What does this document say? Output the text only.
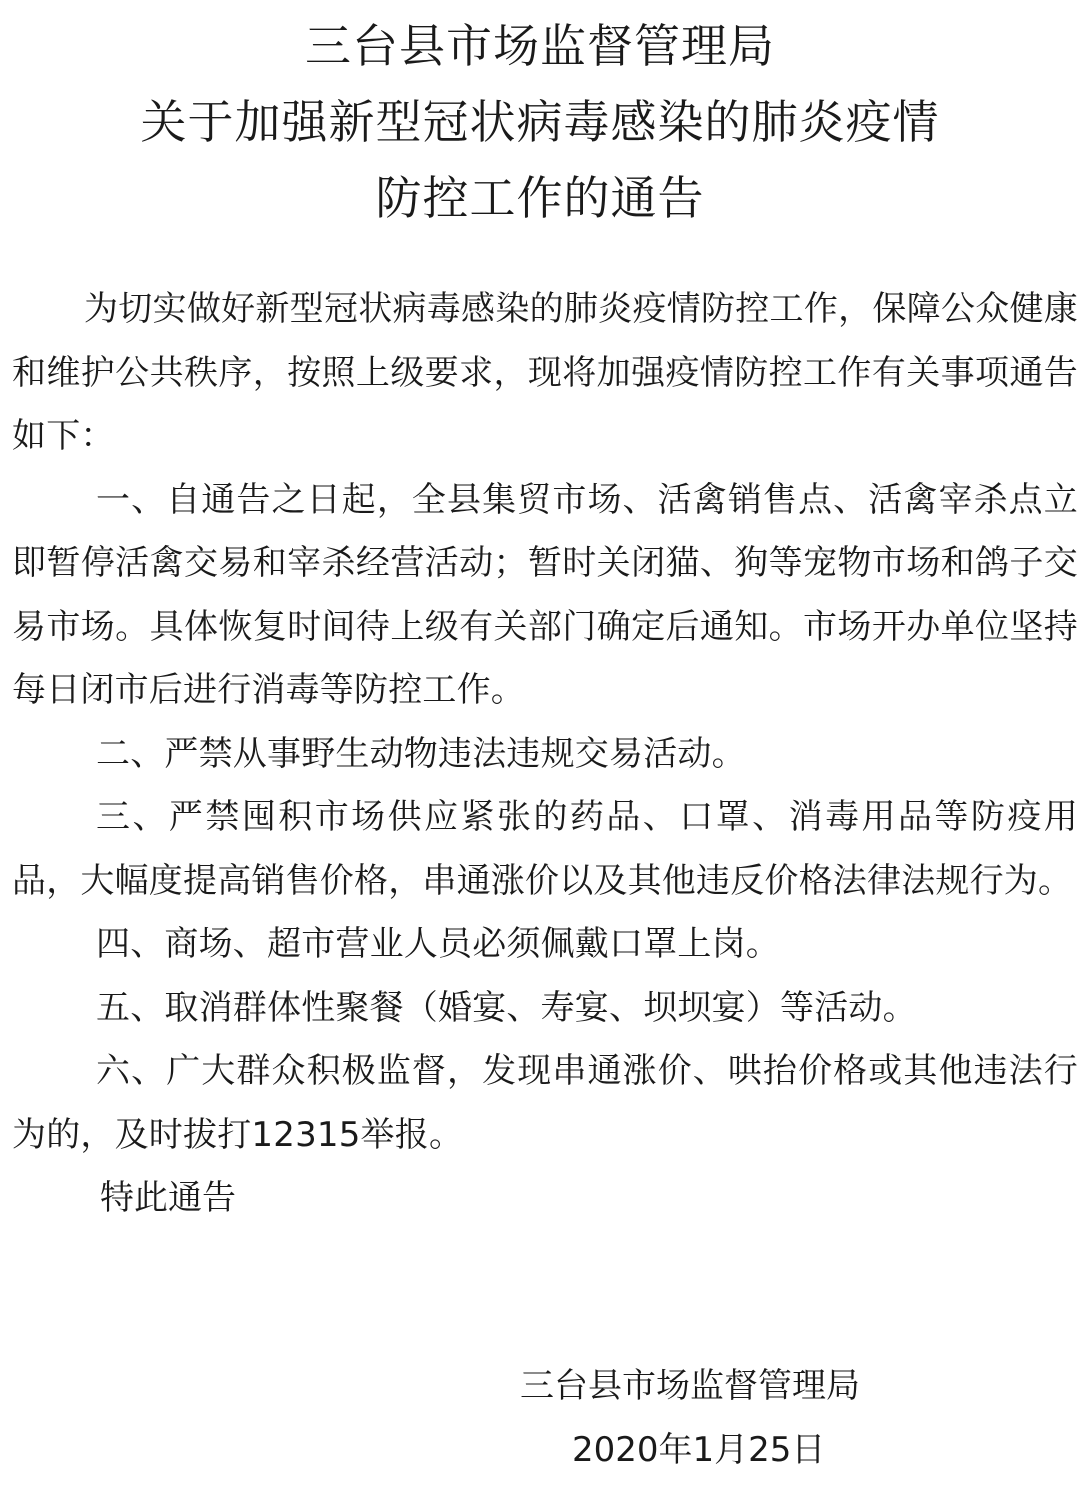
三台县市场监督管理局
关于加强新型冠状病毒感染的肺炎疫情
防控工作的通告

为切实做好新型冠状病毒感染的肺炎疫情防控工作，保障公众健康和维护公共秩序，按照上级要求，现将加强疫情防控工作有关事项通告如下：

一、自通告之日起，全县集贸市场、活禽销售点、活禽宰杀点立即暂停活禽交易和宰杀经营活动；暂时关闭猫、狗等宠物市场和鸽子交易市场。具体恢复时间待上级有关部门确定后通知。市场开办单位坚持每日闭市后进行消毒等防控工作。

二、严禁从事野生动物违法违规交易活动。

三、严禁囤积市场供应紧张的药品、口罩、消毒用品等防疫用品，大幅度提高销售价格，串通涨价以及其他违反价格法律法规行为。

四、商场、超市营业人员必须佩戴口罩上岗。

五、取消群体性聚餐（婚宴、寿宴、坝坝宴）等活动。

六、广大群众积极监督，发现串通涨价、哄抬价格或其他违法行为的，及时拔打12315举报。

特此通告

三台县市场监督管理局
2020年1月25日
